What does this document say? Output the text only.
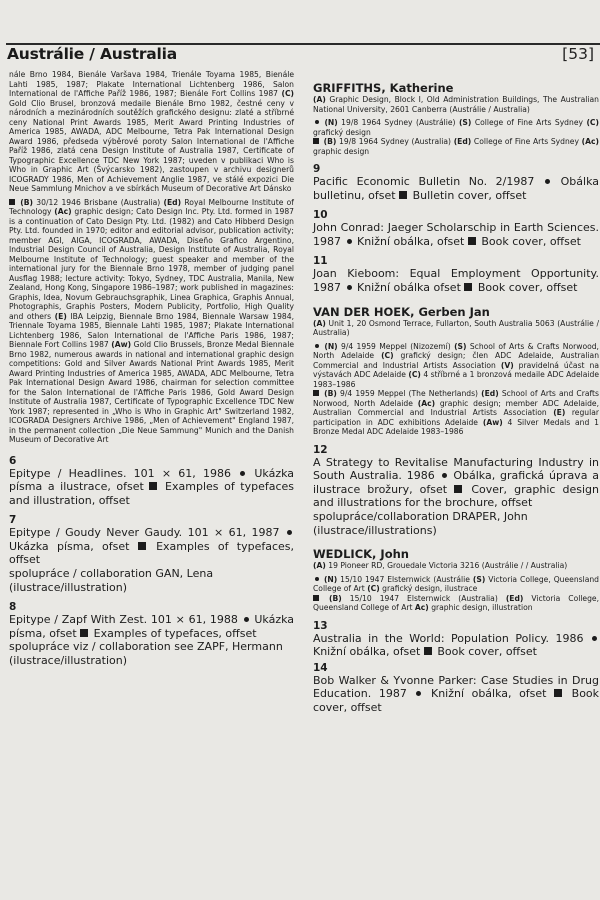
Austrálie / Australia	[53]
nále Brno 1984, Bienále Varšava 1984, Trienále Toyama 1985, Bienále Lahti 1985, 1987; Plakate International Lichtenberg 1986, Salon International de l'Affiche Paříž 1986, 1987; Bienále Fort Collins 1987 (C) Gold Clio Brusel, bronzová medaile Bienále Brno 1982, čestné ceny v národních a mezinárodních soutěžích grafického designu: zlaté a stříbrné ceny National Print Awards 1985, Merit Award Printing Industries of America 1985, AWADA, ADC Melbourne, Tetra Pak International Design Award 1986, předseda výběrové poroty Salon International de l'Affiche Paříž 1986, zlatá cena Design Institute of Australia 1987, Certificate of Typographic Excellence TDC New York 1987; uveden v publikaci Who is Who in Graphic Art (Švýcarsko 1982), zastoupen v archivu designerů ICOGRADY 1986, Men of Achievement Anglie 1987, ve stálé expozici Die Neue Sammlung Mnichov a ve sbírkách Museum of Decorative Art Dánsko
(B) 30/12 1946 Brisbane (Australia) (Ed) Royal Melbourne Institute of Technology (Ac) graphic design; Cato Design Inc. Pty. Ltd. formed in 1987 is a continuation of Cato Design Pty. Ltd. (1982) and Cato Hibberd Design Pty. Ltd. founded in 1970; editor and editorial advisor, publication activity; member AGI, AIGA, ICOGRADA, AWADA, Diseño Grafico Argentino, Industrial Design Council of Australia, Design Institute of Australia, Royal Melbourne Institute of Technology; guest speaker and member of the international jury for the Biennale Brno 1978, member of judging panel Ausflag 1988; lecture activity: Tokyo, Sydney, TDC Australia, Manila, New Zealand, Hong Kong, Singapore 1986–1987; work published in magazines: Graphis, Idea, Novum Gebrauchsgraphik, Linea Graphica, Graphis Annual, Photographis, Graphis Posters, Modern Publicity, Portfolio, High Quality and others (E) IBA Leipzig, Biennale Brno 1984, Biennale Warsaw 1984, Triennale Toyama 1985, Biennale Lahti 1985, 1987; Plakate International Lichtenberg 1986, Salon International de l'Affiche Paris 1986, 1987; Biennale Fort Collins 1987 (Aw) Gold Clio Brussels, Bronze Medal Biennale Brno 1982, numerous awards in national and international graphic design competitions: Gold and Silver Awards National Print Awards 1985, Merit Award Printing Industries of America 1985, AWADA, ADC Melbourne, Tetra Pak International Design Award 1986, chairman for selection committee for the Salon International de l'Affiche Paris 1986, Gold Award Design Institute of Australia 1987, Certificate of Typographic Excellence TDC New York 1987; represented in „Who is Who in Graphic Art" Switzerland 1982, ICOGRADA Designers Archive 1986, „Men of Achievement" England 1987, in the permanent collection „Die Neue Sammung" Munich and the Danish Museum of Decorative Art
6
Epitype / Headlines. 101 × 61, 1986 Ukázka písma a ilustrace, ofset Examples of typefaces and illustration, offset
7
Epitype / Goudy Never Gaudy. 101 × 61, 1987  Ukázka písma, ofset Examples of typefaces, offset
spolupráce / collaboration GAN, Lena (ilustrace/illustration)
8
Epitype / Zapf With Zest. 101 × 61, 1988 Ukázka písma, ofset Examples of typefaces, offset
spolupráce viz / collaboration see ZAPF, Hermann (ilustrace/illustration)
GRIFFITHS, Katherine
(A) Graphic Design, Block I, Old Administration Buildings, The Australian National University, 2601 Canberra (Austrálie / Australia)
(N) 19/8 1964 Sydney (Austrálie) (S) College of Fine Arts Sydney (C) grafický design
(B) 19/8 1964 Sydney (Australia) (Ed) College of Fine Arts Sydney (Ac) graphic design
9
Pacific Economic Bulletin No. 2/1987 Obálka bulletinu, ofset Bulletin cover, offset
10
John Conrad: Jaeger Scholarschip in Earth Sciences. 1987 Knižní obálka, ofset Book cover, offset
11
Joan Kieboom: Equal Employment Opportunity. 1987 Knižní obálka ofset Book cover, offset
VAN DER HOEK, Gerben Jan
(A) Unit 1, 20 Osmond Terrace, Fullarton, South Australia 5063 (Austrálie / Australia)
(N) 9/4 1959 Meppel (Nizozemí) (S) School of Arts & Crafts Norwood, North Adelaide (C) grafický design; člen ADC Adelaide, Australian Commercial and Industrial Artists Association (V) pravidelná účast na výstavách ADC Adelaide (C) 4 stříbrné a 1 bronzová medaile ADC Adelaide 1983–1986
(B) 9/4 1959 Meppel (The Netherlands) (Ed) School of Arts and Crafts Norwood, North Adelaide (Ac) graphic design; member ADC Adelaide, Australian Commercial and Industrial Artists Association (E) regular participation in ADC exhibitions Adelaide (Aw) 4 Silver Medals and 1 Bronze Medal ADC Adelaide 1983–1986
12
A Strategy to Revitalise Manufacturing Industry in South Australia. 1986 Obálka, grafická úprava a ilustrace brožury, ofset Cover, graphic design and illustrations for the brochure, offset
spolupráce/collaboration DRAPER, John (ilustrace/illustrations)
WEDLICK, John
(A) 19 Pioneer RD, Grouedale Victoria 3216 (Austrálie / / Australia)
(N) 15/10 1947 Elsternwick (Austrálie (S) Victoria College, Queensland College of Art (C) grafický design, ilustrace
(B) 15/10 1947 Elsternwick (Australia) (Ed) Victoria College, Queensland College of Art Ac) graphic design, illustration
13
Australia in the World: Population Policy. 1986  Knižní obálka, ofset Book cover, offset
14
Bob Walker & Yvonne Parker: Case Studies in Drug Education. 1987 Knižní obálka, ofset Book cover, offset
